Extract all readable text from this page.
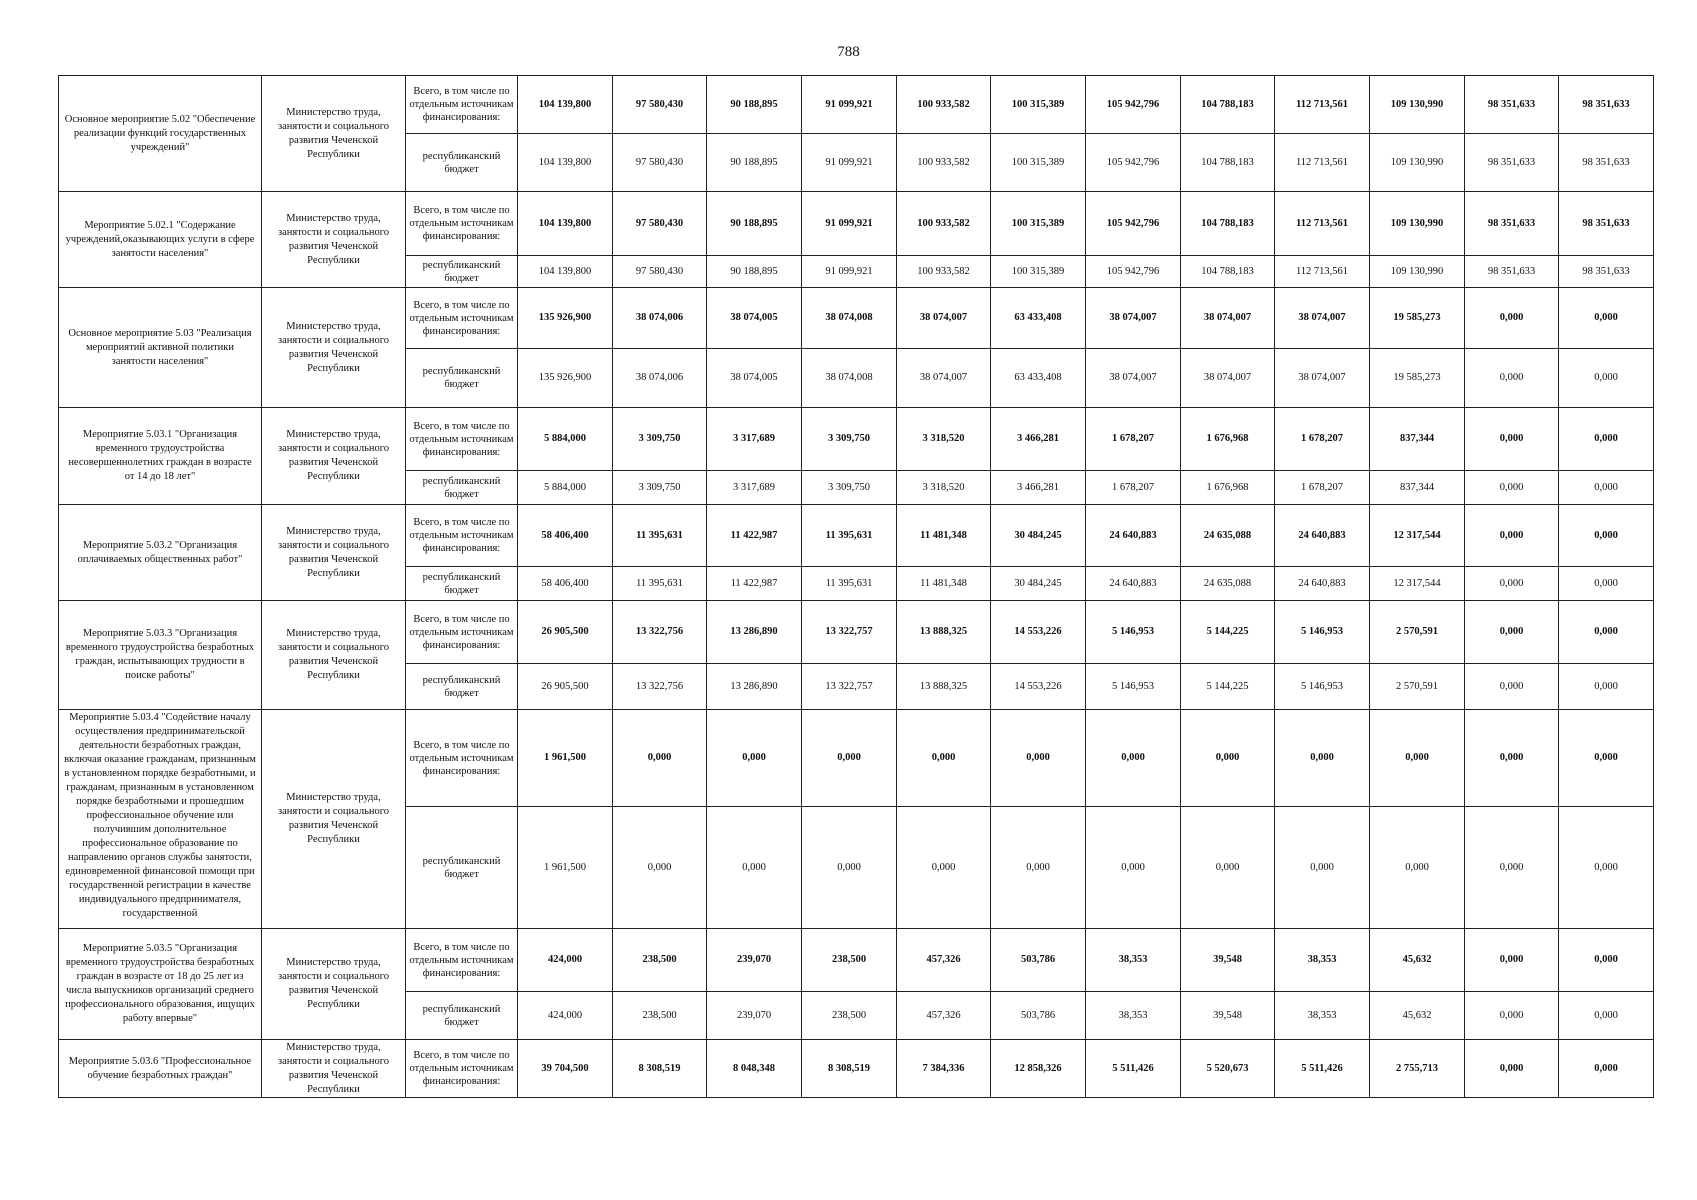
788
Основное мероприятие 5.02 "Обеспечение реализации функций государственных учреждений"	Министерство труда, занятости и социального развития Чеченской Республики	Всего, в том числе по отдельным источникам финансирования:	104 139,800	97 580,430	90 188,895	91 099,921	100 933,582	100 315,389	105 942,796	104 788,183	112 713,561	109 130,990	98 351,633	98 351,633
		республиканский бюджет	104 139,800	97 580,430	90 188,895	91 099,921	100 933,582	100 315,389	105 942,796	104 788,183	112 713,561	109 130,990	98 351,633	98 351,633

Мероприятие 5.02.1 "Содержание учреждений,оказывающих услуги в сфере занятости населения"	Министерство труда, занятости и социального развития Чеченской Республики	Всего, в том числе по отдельным источникам финансирования:	104 139,800	97 580,430	90 188,895	91 099,921	100 933,582	100 315,389	105 942,796	104 788,183	112 713,561	109 130,990	98 351,633	98 351,633
		республиканский бюджет	104 139,800	97 580,430	90 188,895	91 099,921	100 933,582	100 315,389	105 942,796	104 788,183	112 713,561	109 130,990	98 351,633	98 351,633

Основное мероприятие 5.03 "Реализация мероприятий активной политики занятости населения"	Министерство труда, занятости и социального развития Чеченской Республики	Всего, в том числе по отдельным источникам финансирования:	135 926,900	38 074,006	38 074,005	38 074,008	38 074,007	63 433,408	38 074,007	38 074,007	38 074,007	19 585,273	0,000	0,000
		республиканский бюджет	135 926,900	38 074,006	38 074,005	38 074,008	38 074,007	63 433,408	38 074,007	38 074,007	38 074,007	19 585,273	0,000	0,000

Мероприятие 5.03.1 "Организация временного трудоустройства несовершеннолетних граждан в возрасте от 14 до 18 лет"	Министерство труда, занятости и социального развития Чеченской Республики	Всего, в том числе по отдельным источникам финансирования:	5 884,000	3 309,750	3 317,689	3 309,750	3 318,520	3 466,281	1 678,207	1 676,968	1 678,207	837,344	0,000	0,000
		республиканский бюджет	5 884,000	3 309,750	3 317,689	3 309,750	3 318,520	3 466,281	1 678,207	1 676,968	1 678,207	837,344	0,000	0,000

Мероприятие 5.03.2 "Организация оплачиваемых общественных работ"	Министерство труда, занятости и социального развития Чеченской Республики	Всего, в том числе по отдельным источникам финансирования:	58 406,400	11 395,631	11 422,987	11 395,631	11 481,348	30 484,245	24 640,883	24 635,088	24 640,883	12 317,544	0,000	0,000
		республиканский бюджет	58 406,400	11 395,631	11 422,987	11 395,631	11 481,348	30 484,245	24 640,883	24 635,088	24 640,883	12 317,544	0,000	0,000

Мероприятие 5.03.3 "Организация временного трудоустройства безработных граждан, испытывающих трудности в поиске работы"	Министерство труда, занятости и социального развития Чеченской Республики	Всего, в том числе по отдельным источникам финансирования:	26 905,500	13 322,756	13 286,890	13 322,757	13 888,325	14 553,226	5 146,953	5 144,225	5 146,953	2 570,591	0,000	0,000
		республиканский бюджет	26 905,500	13 322,756	13 286,890	13 322,757	13 888,325	14 553,226	5 146,953	5 144,225	5 146,953	2 570,591	0,000	0,000

Мероприятие 5.03.4 "Содействие началу осуществления предпринимательской деятельности безработных граждан, включая оказание гражданам, признанным в установленном порядке безработными, и гражданам, признанным в установленном порядке безработными и прошедшим профессиональное обучение или получившим дополнительное профессиональное образование по направлению органов службы занятости, единовременной финансовой помощи при государственной регистрации в качестве индивидуального предпринимателя, государственной	Министерство труда, занятости и социального развития Чеченской Республики	Всего, в том числе по отдельным источникам финансирования:	1 961,500	0,000	0,000	0,000	0,000	0,000	0,000	0,000	0,000	0,000	0,000	0,000
		республиканский бюджет	1 961,500	0,000	0,000	0,000	0,000	0,000	0,000	0,000	0,000	0,000	0,000	0,000

Мероприятие 5.03.5 "Организация временного трудоустройства безработных граждан в возрасте от 18 до 25 лет из числа выпускников организаций среднего профессионального образования, ищущих работу впервые"	Министерство труда, занятости и социального развития Чеченской Республики	Всего, в том числе по отдельным источникам финансирования:	424,000	238,500	239,070	238,500	457,326	503,786	38,353	39,548	38,353	45,632	0,000	0,000
		республиканский бюджет	424,000	238,500	239,070	238,500	457,326	503,786	38,353	39,548	38,353	45,632	0,000	0,000

Мероприятие 5.03.6 "Профессиональное обучение безработных граждан"	Министерство труда, занятости и социального развития Чеченской Республики	Всего, в том числе по отдельным источникам финансирования:	39 704,500	8 308,519	8 048,348	8 308,519	7 384,336	12 858,326	5 511,426	5 520,673	5 511,426	2 755,713	0,000	0,000
